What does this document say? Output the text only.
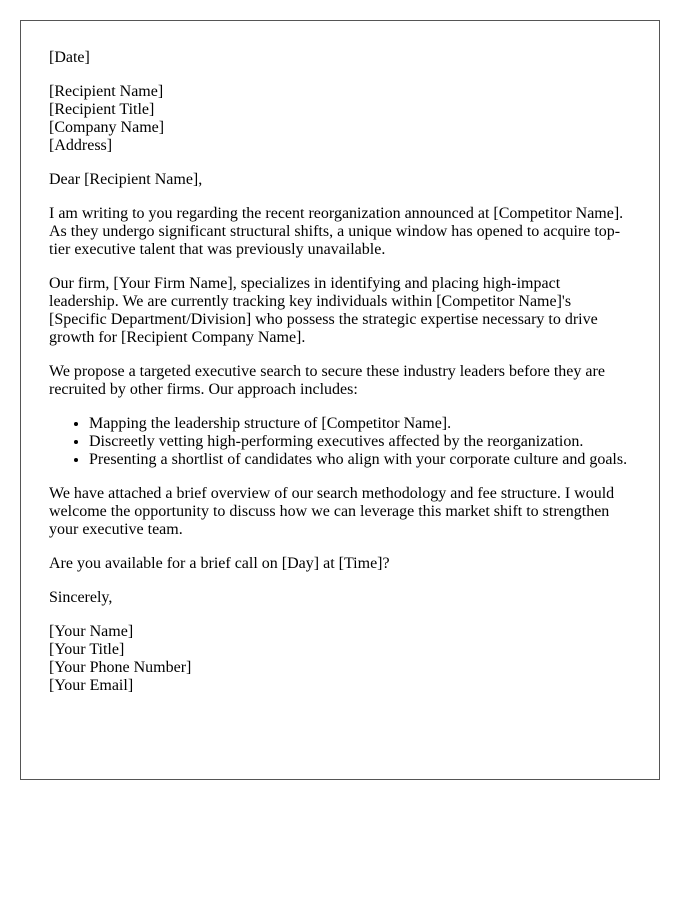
[Date]
[Recipient Name]
[Recipient Title]
[Company Name]
[Address]

Dear [Recipient Name],

I am writing to you regarding the recent reorganization announced at [Competitor Name]. As they undergo significant structural shifts, a unique window has opened to acquire top-tier executive talent that was previously unavailable.

Our firm, [Your Firm Name], specializes in identifying and placing high-impact leadership. We are currently tracking key individuals within [Competitor Name]'s [Specific Department/Division] who possess the strategic expertise necessary to drive growth for [Recipient Company Name].

We propose a targeted executive search to secure these industry leaders before they are recruited by other firms. Our approach includes:

• Mapping the leadership structure of [Competitor Name].
• Discreetly vetting high-performing executives affected by the reorganization.
• Presenting a shortlist of candidates who align with your corporate culture and goals.

We have attached a brief overview of our search methodology and fee structure. I would welcome the opportunity to discuss how we can leverage this market shift to strengthen your executive team.

Are you available for a brief call on [Day] at [Time]?

Sincerely,

[Your Name]
[Your Title]
[Your Phone Number]
[Your Email]
